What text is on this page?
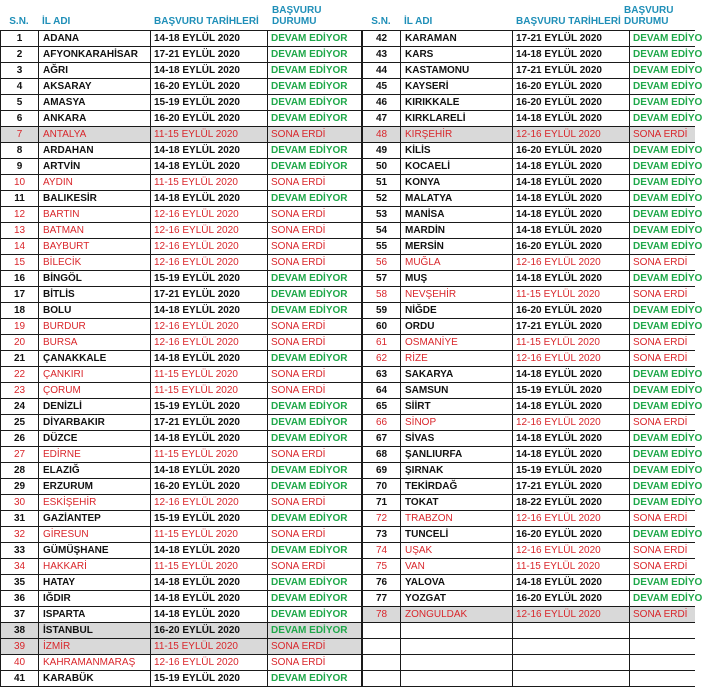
S.N.	İL ADI	BAŞVURU TARİHLERİ
BAŞVURU
DURUMU
1	ADANA	14-18 EYLÜL 2020	DEVAM EDİYOR
2	AFYONKARAHİSAR	17-21 EYLÜL 2020	DEVAM EDİYOR
3	AĞRI	14-18 EYLÜL 2020	DEVAM EDİYOR
4	AKSARAY	16-20 EYLÜL 2020	DEVAM EDİYOR
5	AMASYA	15-19 EYLÜL 2020	DEVAM EDİYOR
6	ANKARA	16-20 EYLÜL 2020	DEVAM EDİYOR
7	ANTALYA	11-15 EYLÜL 2020	SONA ERDİ
8	ARDAHAN	14-18 EYLÜL 2020	DEVAM EDİYOR
9	ARTVİN	14-18 EYLÜL 2020	DEVAM EDİYOR
10	AYDIN	11-15 EYLÜL 2020	SONA ERDİ
11	BALIKESİR	14-18 EYLÜL 2020	DEVAM EDİYOR
12	BARTIN	12-16 EYLÜL 2020	SONA ERDİ
13	BATMAN	12-16 EYLÜL 2020	SONA ERDİ
14	BAYBURT	12-16 EYLÜL 2020	SONA ERDİ
15	BİLECİK	12-16 EYLÜL 2020	SONA ERDİ
16	BİNGÖL	15-19 EYLÜL 2020	DEVAM EDİYOR
17	BİTLİS	17-21 EYLÜL 2020	DEVAM EDİYOR
18	BOLU	14-18 EYLÜL 2020	DEVAM EDİYOR
19	BURDUR	12-16 EYLÜL 2020	SONA ERDİ
20	BURSA	12-16 EYLÜL 2020	SONA ERDİ
21	ÇANAKKALE	14-18 EYLÜL 2020	DEVAM EDİYOR
22	ÇANKIRI	11-15 EYLÜL 2020	SONA ERDİ
23	ÇORUM	11-15 EYLÜL 2020	SONA ERDİ
24	DENİZLİ	15-19 EYLÜL 2020	DEVAM EDİYOR
25	DİYARBAKIR	17-21 EYLÜL 2020	DEVAM EDİYOR
26	DÜZCE	14-18 EYLÜL 2020	DEVAM EDİYOR
27	EDİRNE	11-15 EYLÜL 2020	SONA ERDİ
28	ELAZIĞ	14-18 EYLÜL 2020	DEVAM EDİYOR
29	ERZURUM	16-20 EYLÜL 2020	DEVAM EDİYOR
30	ESKİŞEHİR	12-16 EYLÜL 2020	SONA ERDİ
31	GAZİANTEP	15-19 EYLÜL 2020	DEVAM EDİYOR
32	GİRESUN	11-15 EYLÜL 2020	SONA ERDİ
33	GÜMÜŞHANE	14-18 EYLÜL 2020	DEVAM EDİYOR
34	HAKKARİ	11-15 EYLÜL 2020	SONA ERDİ
35	HATAY	14-18 EYLÜL 2020	DEVAM EDİYOR
36	IĞDIR	14-18 EYLÜL 2020	DEVAM EDİYOR
37	ISPARTA	14-18 EYLÜL 2020	DEVAM EDİYOR
38	İSTANBUL	16-20 EYLÜL 2020	DEVAM EDİYOR
39	İZMİR	11-15 EYLÜL 2020	SONA ERDİ
40	KAHRAMANMARAŞ	12-16 EYLÜL 2020	SONA ERDİ
41	KARABÜK	15-19 EYLÜL 2020	DEVAM EDİYOR
S.N.	İL ADI	BAŞVURU TARİHLERİ
BAŞVURU
DURUMU
42	KARAMAN	17-21 EYLÜL 2020	DEVAM EDİYO
43	KARS	14-18 EYLÜL 2020	DEVAM EDİYO
44	KASTAMONU	17-21 EYLÜL 2020	DEVAM EDİYO
45	KAYSERİ	16-20 EYLÜL 2020	DEVAM EDİYO
46	KIRIKKALE	16-20 EYLÜL 2020	DEVAM EDİYO
47	KIRKLARELİ	14-18 EYLÜL 2020	DEVAM EDİYO
48	KIRŞEHİR	12-16 EYLÜL 2020	SONA ERDİ
49	KİLİS	16-20 EYLÜL 2020	DEVAM EDİYO
50	KOCAELİ	14-18 EYLÜL 2020	DEVAM EDİYO
51	KONYA	14-18 EYLÜL 2020	DEVAM EDİYO
52	MALATYA	14-18 EYLÜL 2020	DEVAM EDİYO
53	MANİSA	14-18 EYLÜL 2020	DEVAM EDİYO
54	MARDİN	14-18 EYLÜL 2020	DEVAM EDİYO
55	MERSİN	16-20 EYLÜL 2020	DEVAM EDİYO
56	MUĞLA	12-16 EYLÜL 2020	SONA ERDİ
57	MUŞ	14-18 EYLÜL 2020	DEVAM EDİYO
58	NEVŞEHİR	11-15 EYLÜL 2020	SONA ERDİ
59	NİĞDE	16-20 EYLÜL 2020	DEVAM EDİYO
60	ORDU	17-21 EYLÜL 2020	DEVAM EDİYO
61	OSMANİYE	11-15 EYLÜL 2020	SONA ERDİ
62	RİZE	12-16 EYLÜL 2020	SONA ERDİ
63	SAKARYA	14-18 EYLÜL 2020	DEVAM EDİYO
64	SAMSUN	15-19 EYLÜL 2020	DEVAM EDİYO
65	SİİRT	14-18 EYLÜL 2020	DEVAM EDİYO
66	SİNOP	12-16 EYLÜL 2020	SONA ERDİ
67	SİVAS	14-18 EYLÜL 2020	DEVAM EDİYO
68	ŞANLIURFA	14-18 EYLÜL 2020	DEVAM EDİYO
69	ŞIRNAK	15-19 EYLÜL 2020	DEVAM EDİYO
70	TEKİRDAĞ	17-21 EYLÜL 2020	DEVAM EDİYO
71	TOKAT	18-22 EYLÜL 2020	DEVAM EDİYO
72	TRABZON	12-16 EYLÜL 2020	SONA ERDİ
73	TUNCELİ	16-20 EYLÜL 2020	DEVAM EDİYO
74	UŞAK	12-16 EYLÜL 2020	SONA ERDİ
75	VAN	11-15 EYLÜL 2020	SONA ERDİ
76	YALOVA	14-18 EYLÜL 2020	DEVAM EDİYO
77	YOZGAT	16-20 EYLÜL 2020	DEVAM EDİYO
78	ZONGULDAK	12-16 EYLÜL 2020	SONA ERDİ
